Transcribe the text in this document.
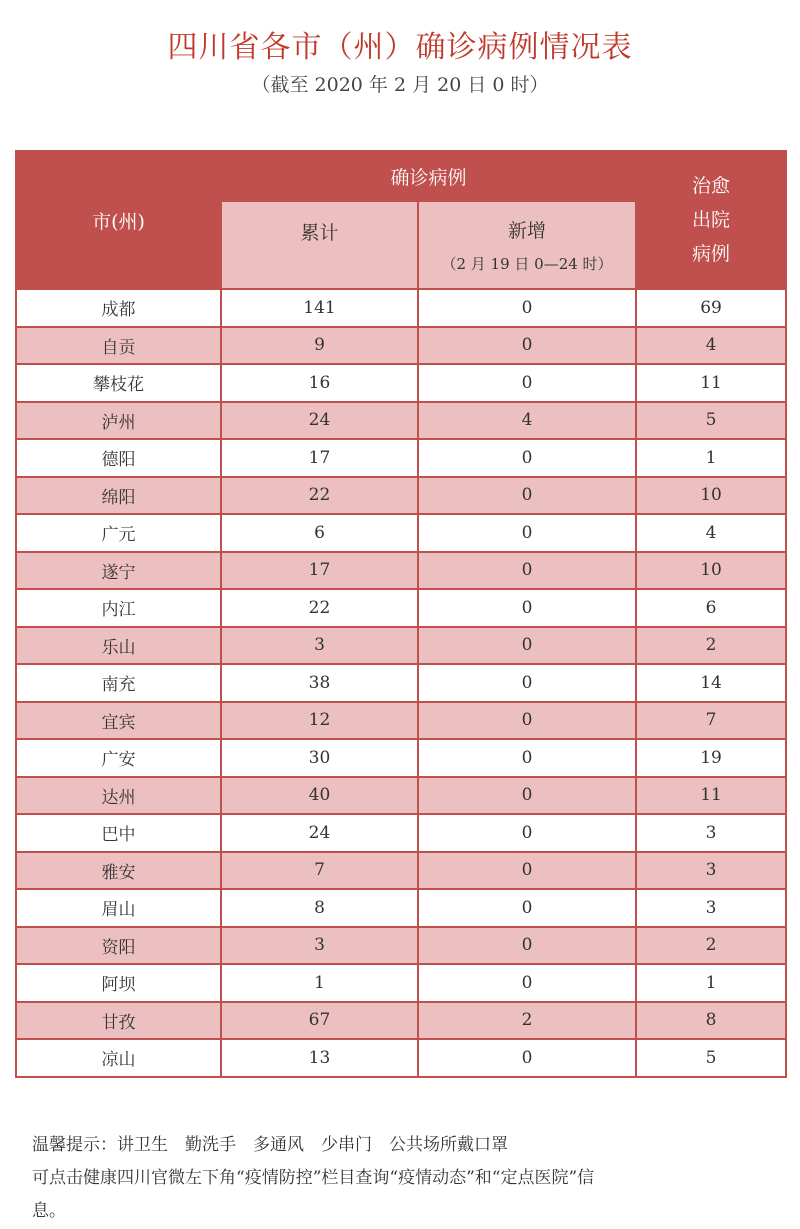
四川省各市（州）确诊病例情况表
（截至 2020 年 2 月 20 日 0 时）
市(州)	确诊病例		治愈
出院
病例

	累计	新增
（2 月 19 日 0—24 时）	

成都	141	0	69
自贡	9	0	4
攀枝花	16	0	11
泸州	24	4	5
德阳	17	0	1
绵阳	22	0	10
广元	6	0	4
遂宁	17	0	10
内江	22	0	6
乐山	3	0	2
南充	38	0	14
宜宾	12	0	7
广安	30	0	19
达州	40	0	11
巴中	24	0	3
雅安	7	0	3
眉山	8	0	3
资阳	3	0	2
阿坝	1	0	1
甘孜	67	2	8
凉山	13	0	5
温馨提示：讲卫生　勤洗手　多通风　少串门　公共场所戴口罩
可点击健康四川官微左下角“疫情防控”栏目查询“疫情动态”和“定点医院”信
息。
